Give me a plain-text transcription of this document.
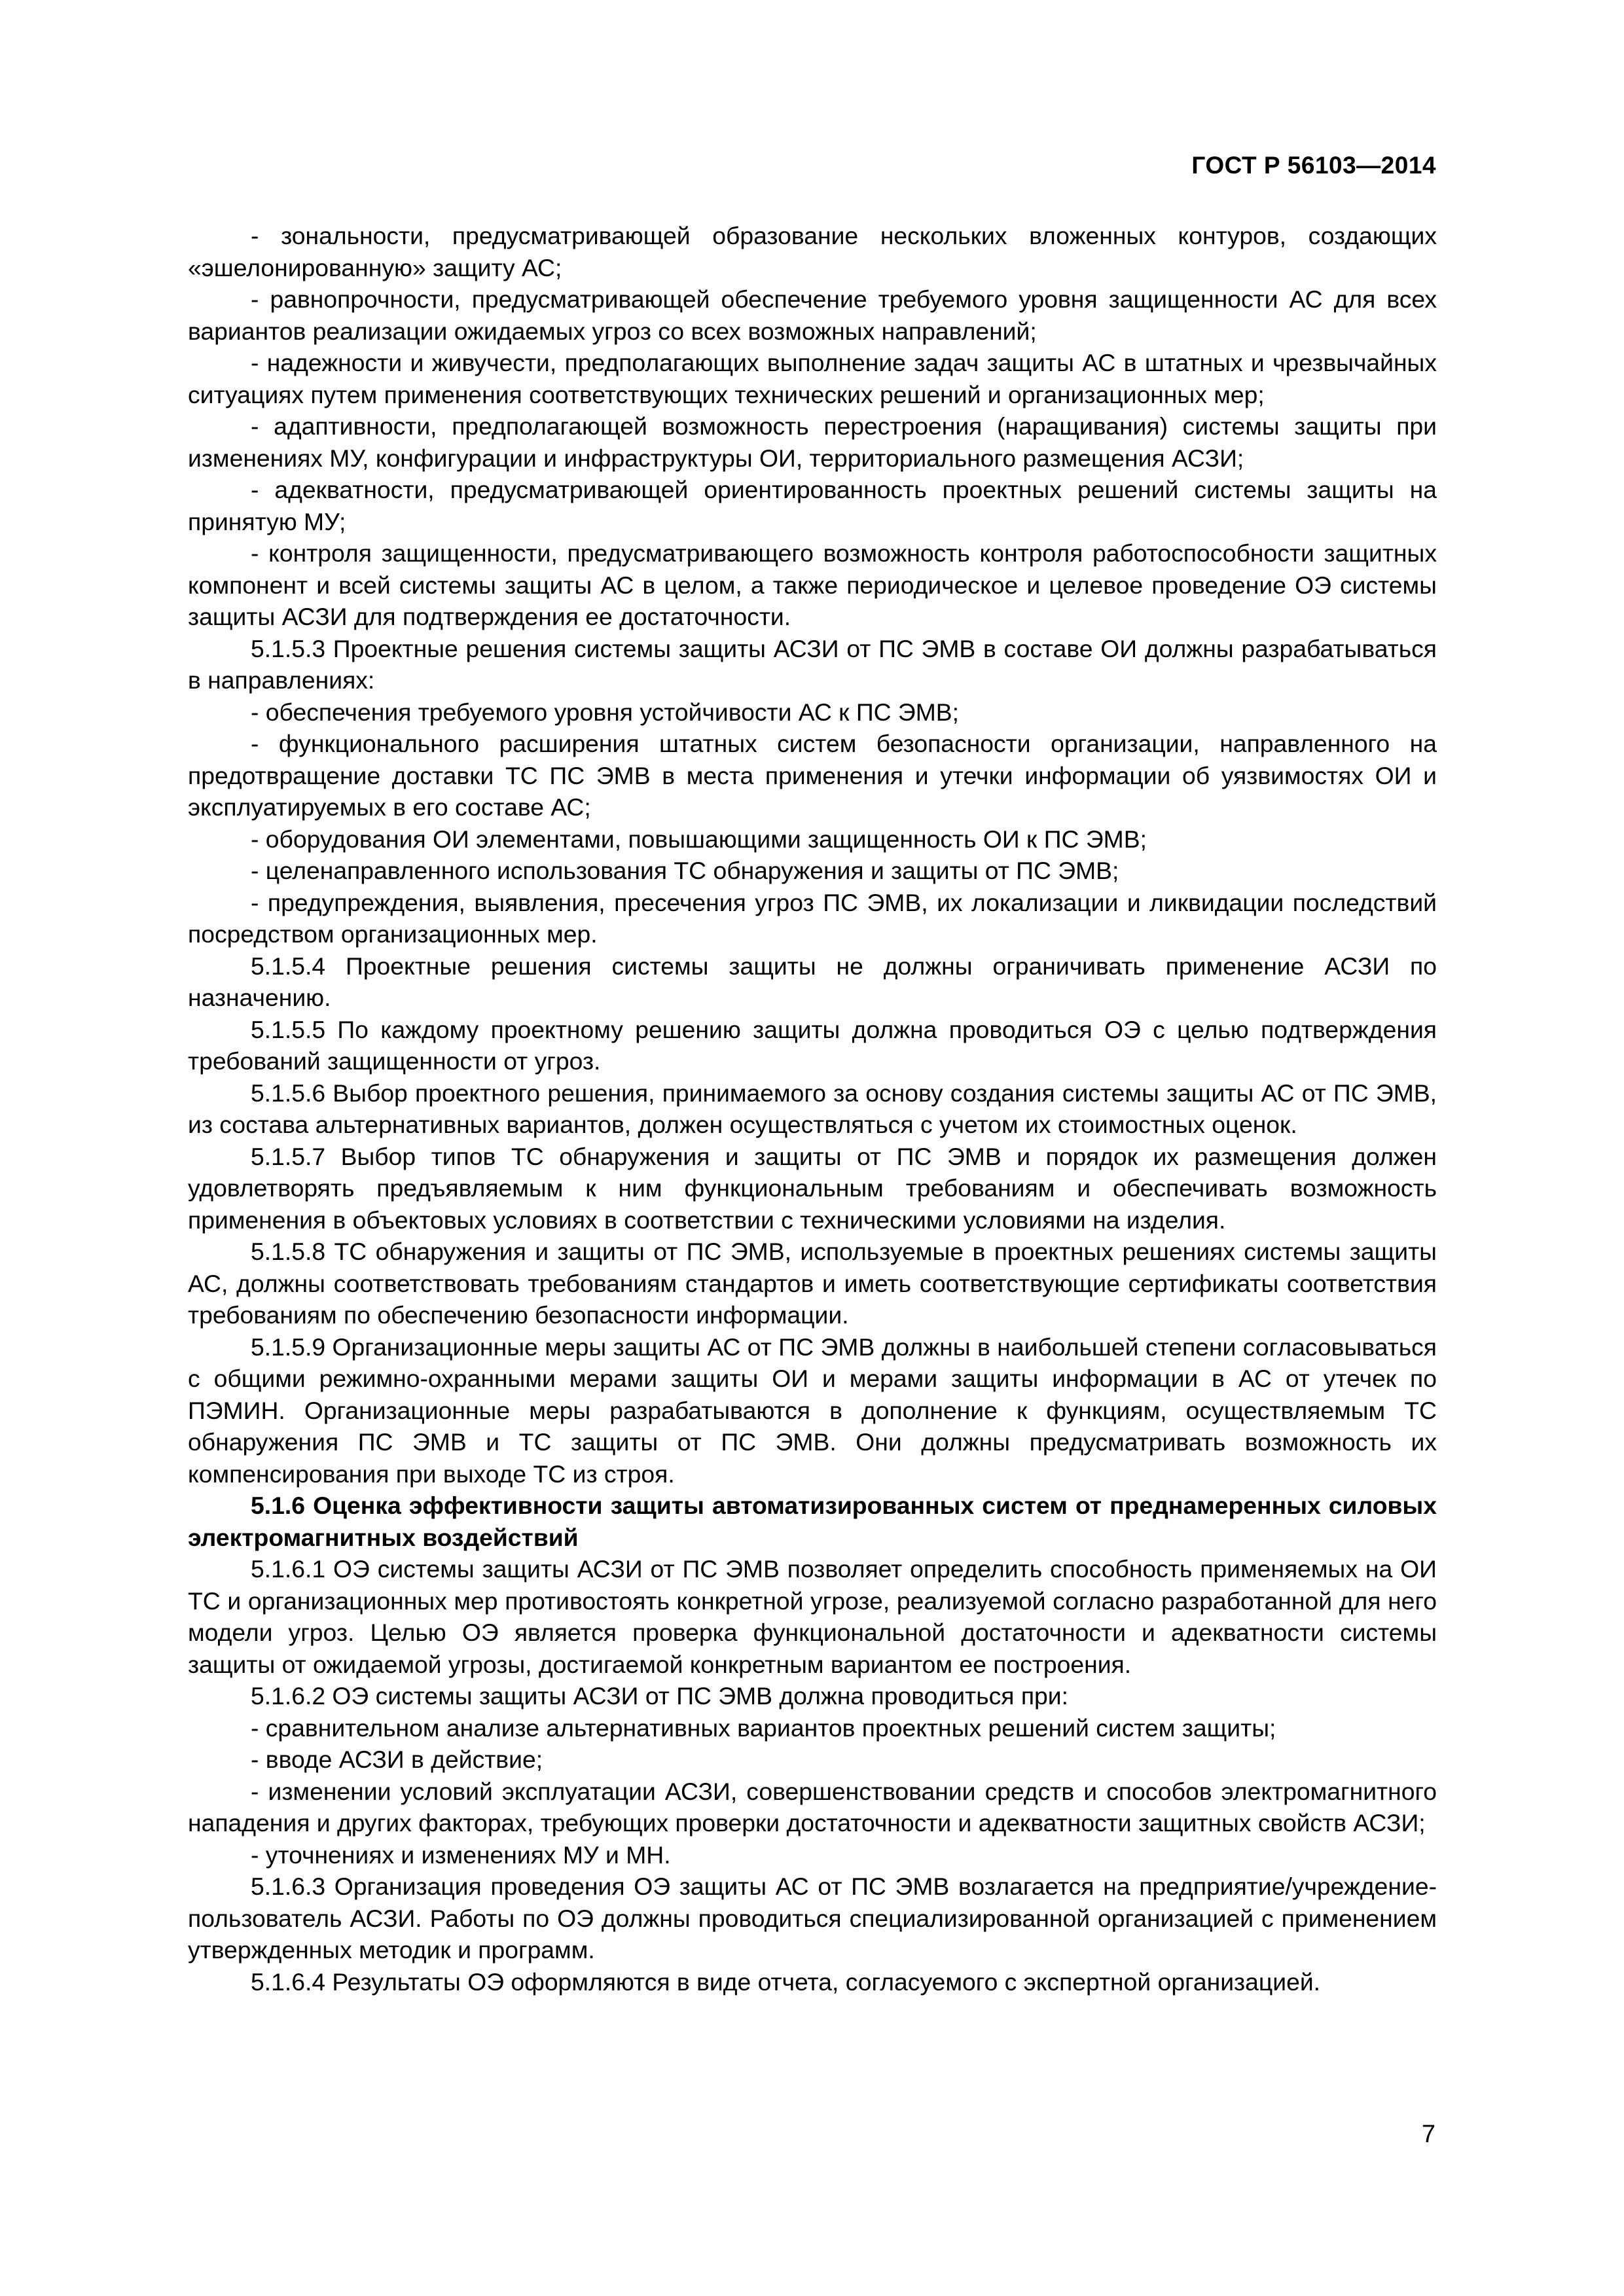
ГОСТ Р 56103—2014

- зональности, предусматривающей образование нескольких вложенных контуров, создающих «эшелонированную» защиту АС;

- равнопрочности, предусматривающей обеспечение требуемого уровня защищенности АС для всех вариантов реализации ожидаемых угроз со всех возможных направлений;

- надежности и живучести, предполагающих выполнение задач защиты АС в штатных и чрезвычайных ситуациях путем применения соответствующих технических решений и организационных мер;

- адаптивности, предполагающей возможность перестроения (наращивания) системы защиты при изменениях МУ, конфигурации и инфраструктуры ОИ, территориального размещения АСЗИ;

- адекватности, предусматривающей ориентированность проектных решений системы защиты на принятую МУ;

- контроля защищенности, предусматривающего возможность контроля работоспособности защитных компонент и всей системы защиты АС в целом, а также периодическое и целевое проведение ОЭ системы защиты АСЗИ для подтверждения ее достаточности.

5.1.5.3 Проектные решения системы защиты АСЗИ от ПС ЭМВ в составе ОИ должны разрабатываться в направлениях:

- обеспечения требуемого уровня устойчивости АС к ПС ЭМВ;

- функционального расширения штатных систем безопасности организации, направленного на предотвращение доставки ТС ПС ЭМВ в места применения и утечки информации об уязвимостях ОИ и эксплуатируемых в его составе АС;

- оборудования ОИ элементами, повышающими защищенность ОИ к ПС ЭМВ;

- целенаправленного использования ТС обнаружения и защиты от ПС ЭМВ;

- предупреждения, выявления, пресечения угроз ПС ЭМВ, их локализации и ликвидации последствий посредством организационных мер.

5.1.5.4 Проектные решения системы защиты не должны ограничивать применение АСЗИ по назначению.

5.1.5.5 По каждому проектному решению защиты должна проводиться ОЭ с целью подтверждения требований защищенности от угроз.

5.1.5.6 Выбор проектного решения, принимаемого за основу создания системы защиты АС от ПС ЭМВ, из состава альтернативных вариантов, должен осуществляться с учетом их стоимостных оценок.

5.1.5.7 Выбор типов ТС обнаружения и защиты от ПС ЭМВ и порядок их размещения должен удовлетворять предъявляемым к ним функциональным требованиям и обеспечивать возможность применения в объектовых условиях в соответствии с техническими условиями на изделия.

5.1.5.8 ТС обнаружения и защиты от ПС ЭМВ, используемые в проектных решениях системы защиты АС, должны соответствовать требованиям стандартов и иметь соответствующие сертификаты соответствия требованиям по обеспечению безопасности информации.

5.1.5.9 Организационные меры защиты АС от ПС ЭМВ должны в наибольшей степени согласовываться с общими режимно-охранными мерами защиты ОИ и мерами защиты информации в АС от утечек по ПЭМИН. Организационные меры разрабатываются в дополнение к функциям, осуществляемым ТС обнаружения ПС ЭМВ и ТС защиты от ПС ЭМВ. Они должны предусматривать возможность их компенсирования при выходе ТС из строя.

5.1.6 Оценка эффективности защиты автоматизированных систем от преднамеренных силовых электромагнитных воздействий

5.1.6.1 ОЭ системы защиты АСЗИ от ПС ЭМВ позволяет определить способность применяемых на ОИ ТС и организационных мер противостоять конкретной угрозе, реализуемой согласно разработанной для него модели угроз. Целью ОЭ является проверка функциональной достаточности и адекватности системы защиты от ожидаемой угрозы, достигаемой конкретным вариантом ее построения.

5.1.6.2 ОЭ системы защиты АСЗИ от ПС ЭМВ должна проводиться при:

- сравнительном анализе альтернативных вариантов проектных решений систем защиты;

- вводе АСЗИ в действие;

- изменении условий эксплуатации АСЗИ, совершенствовании средств и способов электромагнитного нападения и других факторах, требующих проверки достаточности и адекватности защитных свойств АСЗИ;

- уточнениях и изменениях МУ и МН.

5.1.6.3 Организация проведения ОЭ защиты АС от ПС ЭМВ возлагается на предприятие/учреждение-пользователь АСЗИ. Работы по ОЭ должны проводиться специализированной организацией с применением утвержденных методик и программ.

5.1.6.4 Результаты ОЭ оформляются в виде отчета, согласуемого с экспертной организацией.

7
